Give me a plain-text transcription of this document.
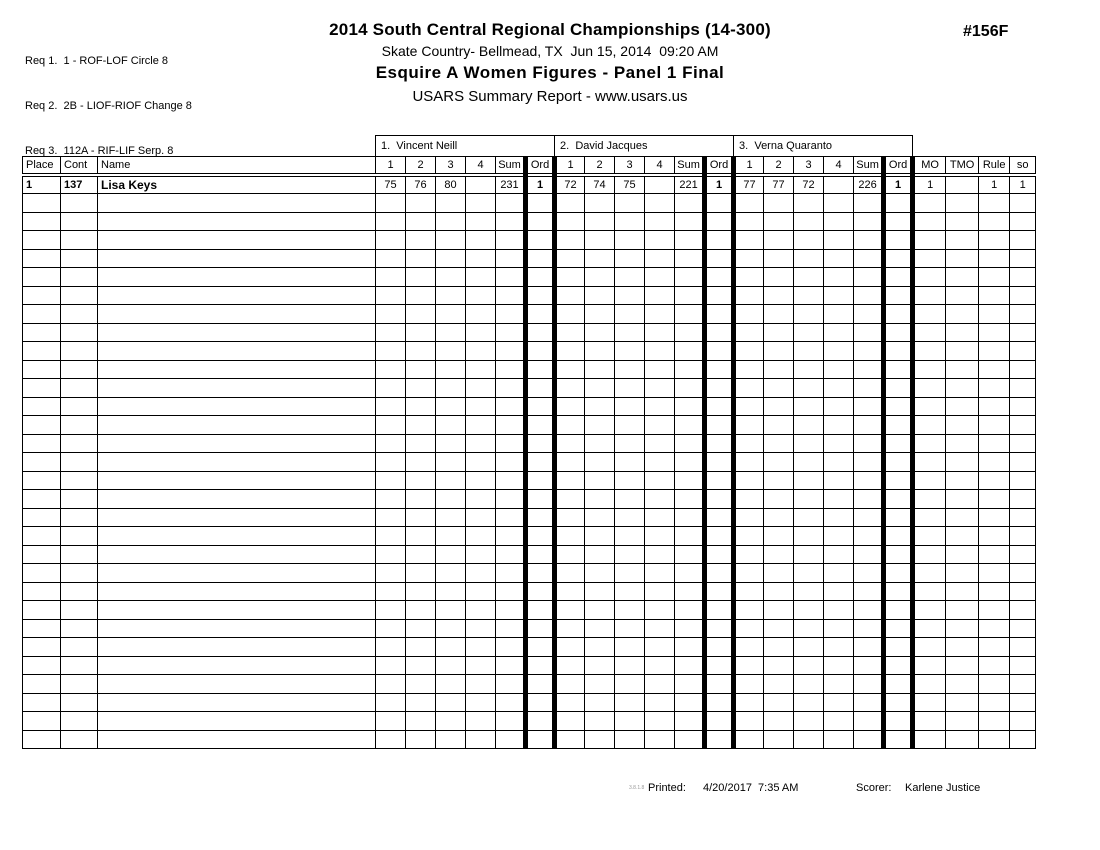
Req 1.  1 - ROF-LOF Circle 8

Req 2.  2B - LIOF-RIOF Change 8

Req 3.  112A - RIF-LIF Serp. 8

2014 South Central Regional Championships (14-300)
Skate Country- Bellmead, TX  Jun 15, 2014  09:20 AM
Esquire A Women Figures - Panel 1 Final
USARS Summary Report - www.usars.us
#156F
			1.  Vincent Neill						2.  David Jacques						3.  Verna Quaranto									
Place	Cont	Name	1	2	3	4	Sum	Ord	1	2	3	4	Sum	Ord	1	2	3	4	Sum	Ord	MO	TMO	Rule	so
1	137	Lisa Keys	75	76	80		231	1	72	74	75		221	1	77	77	72		226	1	1		1	1

3.8.1.8 Printed: 4/20/2017  7:35 AM	Scorer: Karlene Justice
